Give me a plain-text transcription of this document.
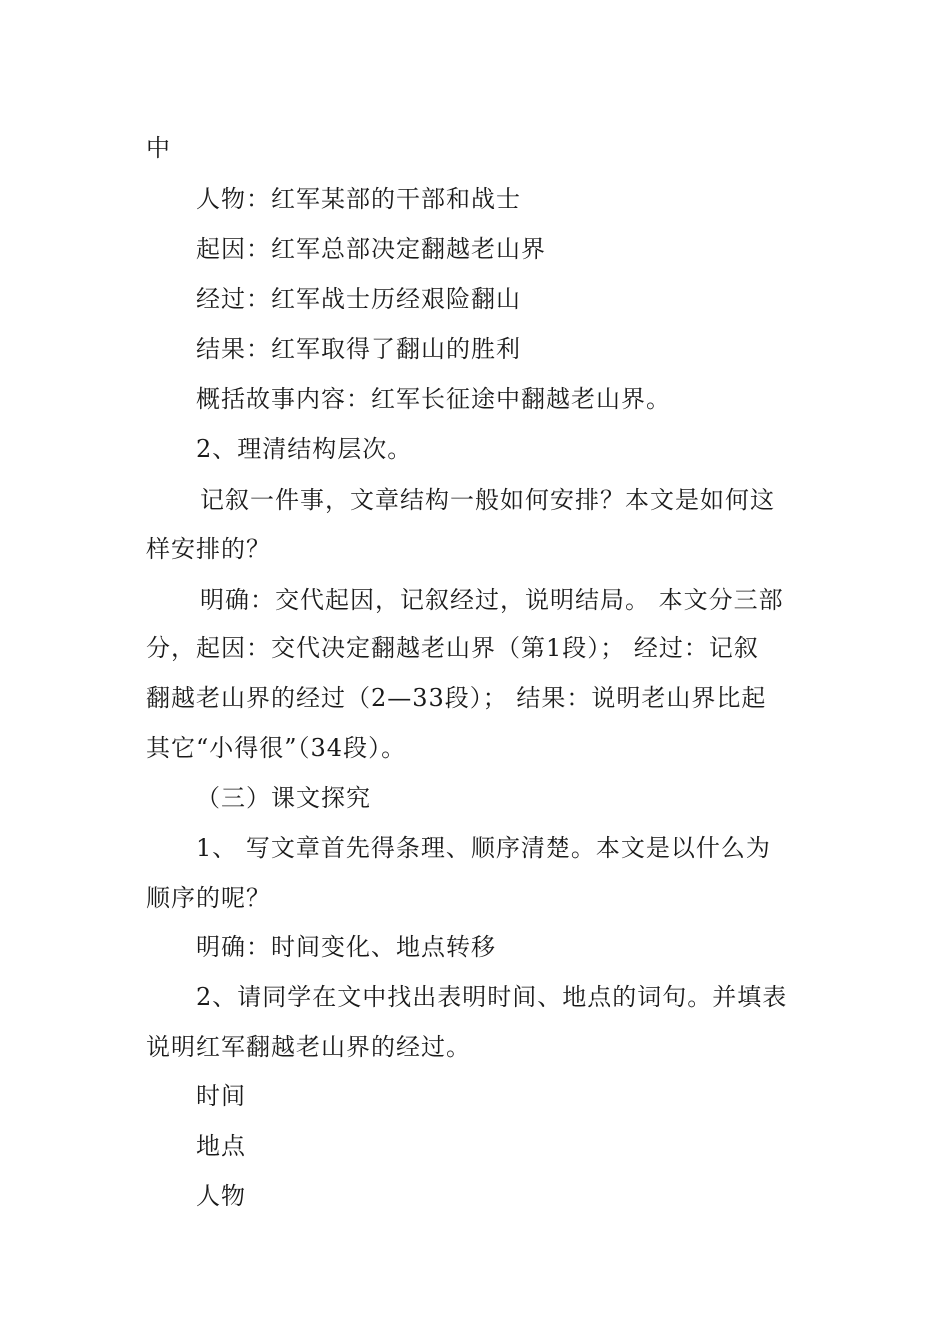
中
人物：红军某部的干部和战士
起因：红军总部决定翻越老山界
经过：红军战士历经艰险翻山
结果：红军取得了翻山的胜利
概括故事内容：红军长征途中翻越老山界。
2、理清结构层次。
记叙一件事，文章结构一般如何安排？本文是如何这
样安排的？
明确：交代起因，记叙经过，说明结局。 本文分三部
分，起因：交代决定翻越老山界（第1段）； 经过：记叙
翻越老山界的经过（2—33段）； 结果：说明老山界比起
其它“小得很”（34段）。
（三）课文探究
1、 写文章首先得条理、顺序清楚。本文是以什么为
顺序的呢？
明确：时间变化、地点转移
2、请同学在文中找出表明时间、地点的词句。并填表
说明红军翻越老山界的经过。
时间
地点
人物
